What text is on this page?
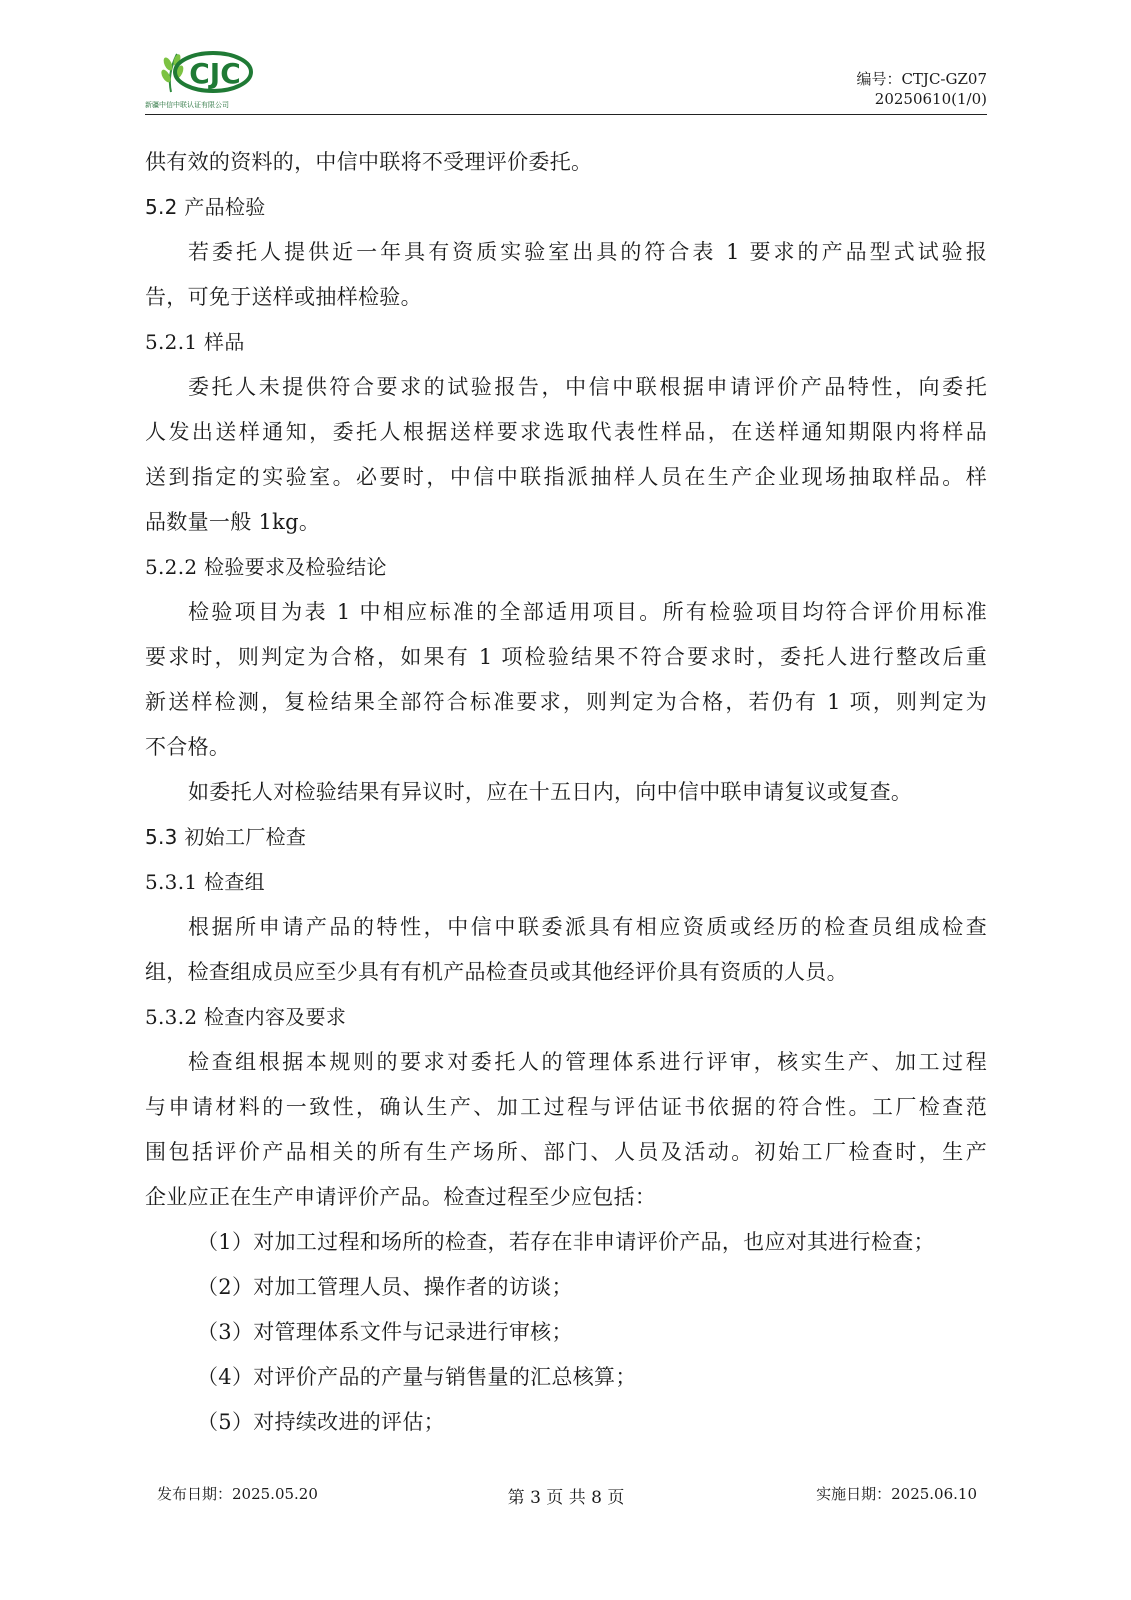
CJC
新疆中信中联认证有限公司
编号：CTJC-GZ07
20250610(1/0)
供有效的资料的，中信中联将不受理评价委托。
5.2 产品检验
若委托人提供近一年具有资质实验室出具的符合表 1 要求的产品型式试验报
告，可免于送样或抽样检验。
5.2.1 样品
委托人未提供符合要求的试验报告，中信中联根据申请评价产品特性，向委托
人发出送样通知，委托人根据送样要求选取代表性样品，在送样通知期限内将样品
送到指定的实验室。必要时，中信中联指派抽样人员在生产企业现场抽取样品。样
品数量一般 1kg。
5.2.2 检验要求及检验结论
检验项目为表 1 中相应标准的全部适用项目。所有检验项目均符合评价用标准
要求时，则判定为合格，如果有 1 项检验结果不符合要求时，委托人进行整改后重
新送样检测，复检结果全部符合标准要求，则判定为合格，若仍有 1 项，则判定为
不合格。
如委托人对检验结果有异议时，应在十五日内，向中信中联申请复议或复查。
5.3 初始工厂检查
5.3.1 检查组
根据所申请产品的特性，中信中联委派具有相应资质或经历的检查员组成检查
组，检查组成员应至少具有有机产品检查员或其他经评价具有资质的人员。
5.3.2 检查内容及要求
检查组根据本规则的要求对委托人的管理体系进行评审，核实生产、加工过程
与申请材料的一致性，确认生产、加工过程与评估证书依据的符合性。工厂检查范
围包括评价产品相关的所有生产场所、部门、人员及活动。初始工厂检查时，生产
企业应正在生产申请评价产品。检查过程至少应包括：
（1）对加工过程和场所的检查，若存在非申请评价产品，也应对其进行检查；
（2）对加工管理人员、操作者的访谈；
（3）对管理体系文件与记录进行审核；
（4）对评价产品的产量与销售量的汇总核算；
（5）对持续改进的评估；
发布日期：2025.05.20	第 3 页 共 8 页	实施日期：2025.06.10
